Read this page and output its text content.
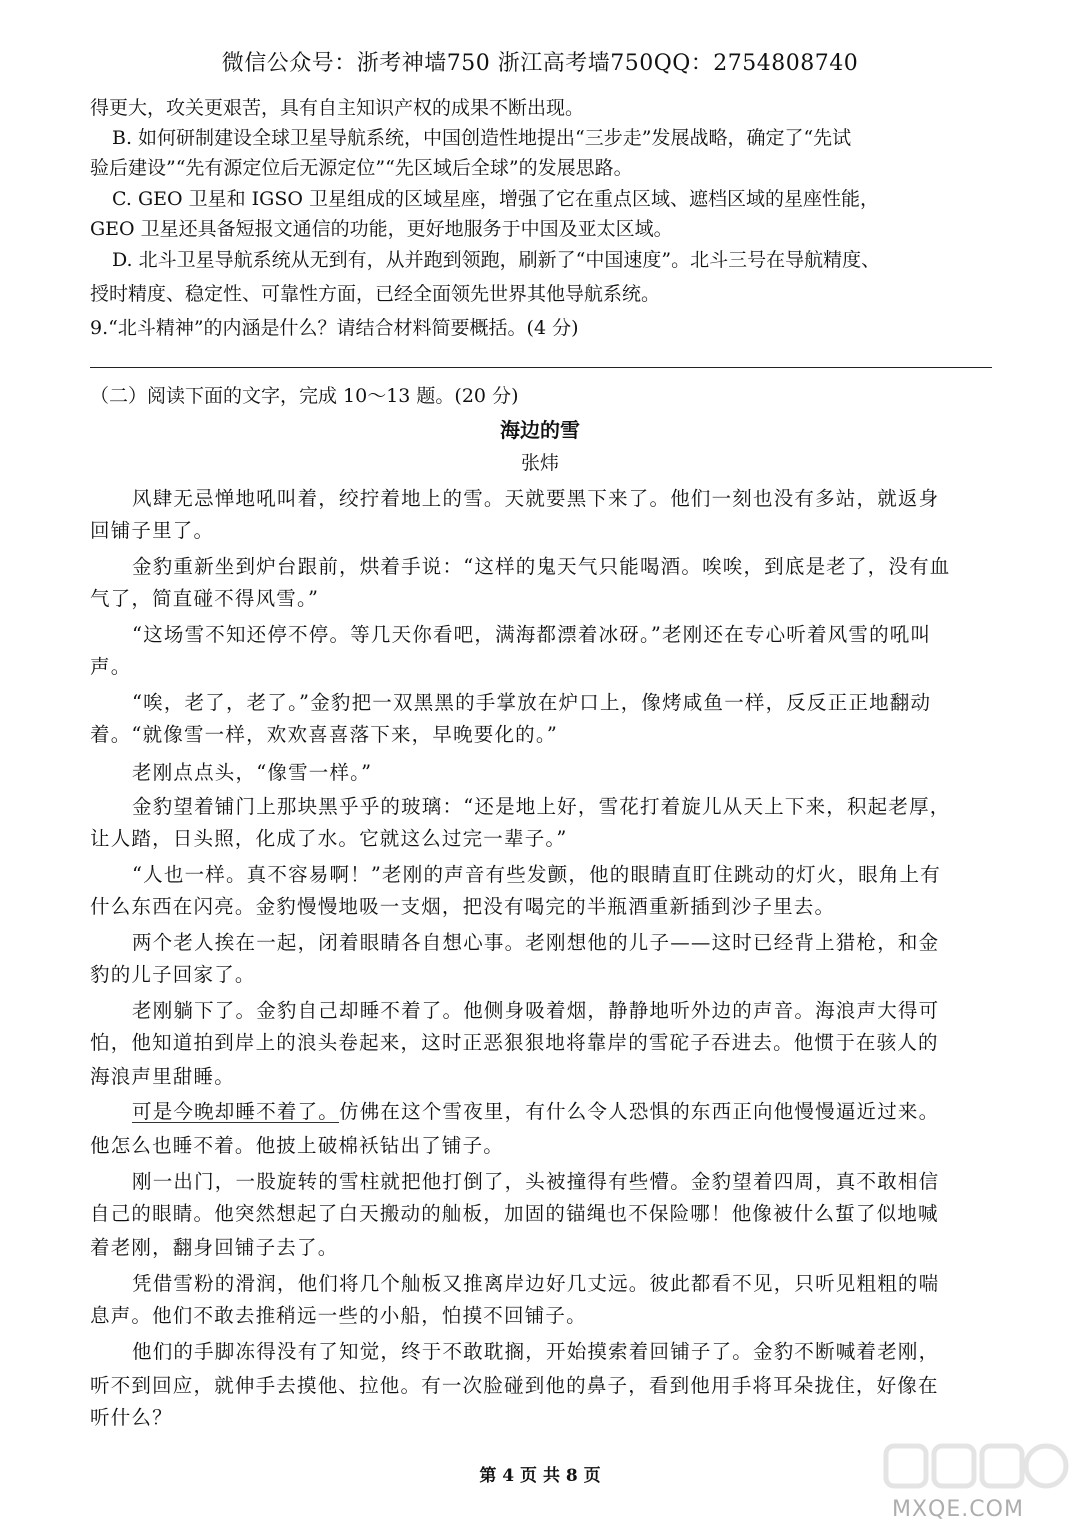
微信公众号：浙考神墙750 浙江高考墙750QQ：2754808740
得更大，攻关更艰苦，具有自主知识产权的成果不断出现。
B. 如何研制建设全球卫星导航系统，中国创造性地提出“三步走”发展战略，确定了“先试
验后建设”“先有源定位后无源定位”“先区域后全球”的发展思路。
C. GEO 卫星和 IGSO 卫星组成的区域星座，增强了它在重点区域、遮档区域的星座性能，
GEO 卫星还具备短报文通信的功能，更好地服务于中国及亚太区域。
D. 北斗卫星导航系统从无到有，从并跑到领跑，刷新了“中国速度”。北斗三号在导航精度、
授时精度、稳定性、可靠性方面，已经全面领先世界其他导航系统。
9.“北斗精神”的内涵是什么？请结合材料简要概括。(4 分)
（二）阅读下面的文字，完成 10～13 题。(20 分)
海边的雪
张炜
风肆无忌惮地吼叫着，绞拧着地上的雪。天就要黑下来了。他们一刻也没有多站，就返身
回铺子里了。
金豹重新坐到炉台跟前，烘着手说：“这样的鬼天气只能喝酒。唉唉，到底是老了，没有血
气了，简直碰不得风雪。”
“这场雪不知还停不停。等几天你看吧，满海都漂着冰砑。”老刚还在专心听着风雪的吼叫
声。
“唉，老了，老了。”金豹把一双黑黑的手掌放在炉口上，像烤咸鱼一样，反反正正地翻动
着。“就像雪一样，欢欢喜喜落下来，早晚要化的。”
老刚点点头，“像雪一样。”
金豹望着铺门上那块黑乎乎的玻璃：“还是地上好，雪花打着旋儿从天上下来，积起老厚，
让人踏，日头照，化成了水。它就这么过完一辈子。”
“人也一样。真不容易啊！”老刚的声音有些发颤，他的眼睛直盯住跳动的灯火，眼角上有
什么东西在闪亮。金豹慢慢地吸一支烟，把没有喝完的半瓶酒重新插到沙子里去。
两个老人挨在一起，闭着眼睛各自想心事。老刚想他的儿子——这时已经背上猎枪，和金
豹的儿子回家了。
老刚躺下了。金豹自己却睡不着了。他侧身吸着烟，静静地听外边的声音。海浪声大得可
怕，他知道拍到岸上的浪头卷起来，这时正恶狠狠地将靠岸的雪砣子吞进去。他惯于在骇人的
海浪声里甜睡。
可是今晚却睡不着了。仿佛在这个雪夜里，有什么令人恐惧的东西正向他慢慢逼近过来。
他怎么也睡不着。他披上破棉袄钻出了铺子。
刚一出门，一股旋转的雪柱就把他打倒了，头被撞得有些懵。金豹望着四周，真不敢相信
自己的眼睛。他突然想起了白天搬动的舢板，加固的锚绳也不保险哪！他像被什么蜇了似地喊
着老刚，翻身回铺子去了。
凭借雪粉的滑润，他们将几个舢板又推离岸边好几丈远。彼此都看不见，只听见粗粗的喘
息声。他们不敢去推稍远一些的小船，怕摸不回铺子。
他们的手脚冻得没有了知觉，终于不敢耽搁，开始摸索着回铺子了。金豹不断喊着老刚，
听不到回应，就伸手去摸他、拉他。有一次脸碰到他的鼻子，看到他用手将耳朵拢住，好像在
听什么？
第 4 页 共 8 页
MXQE.COM
